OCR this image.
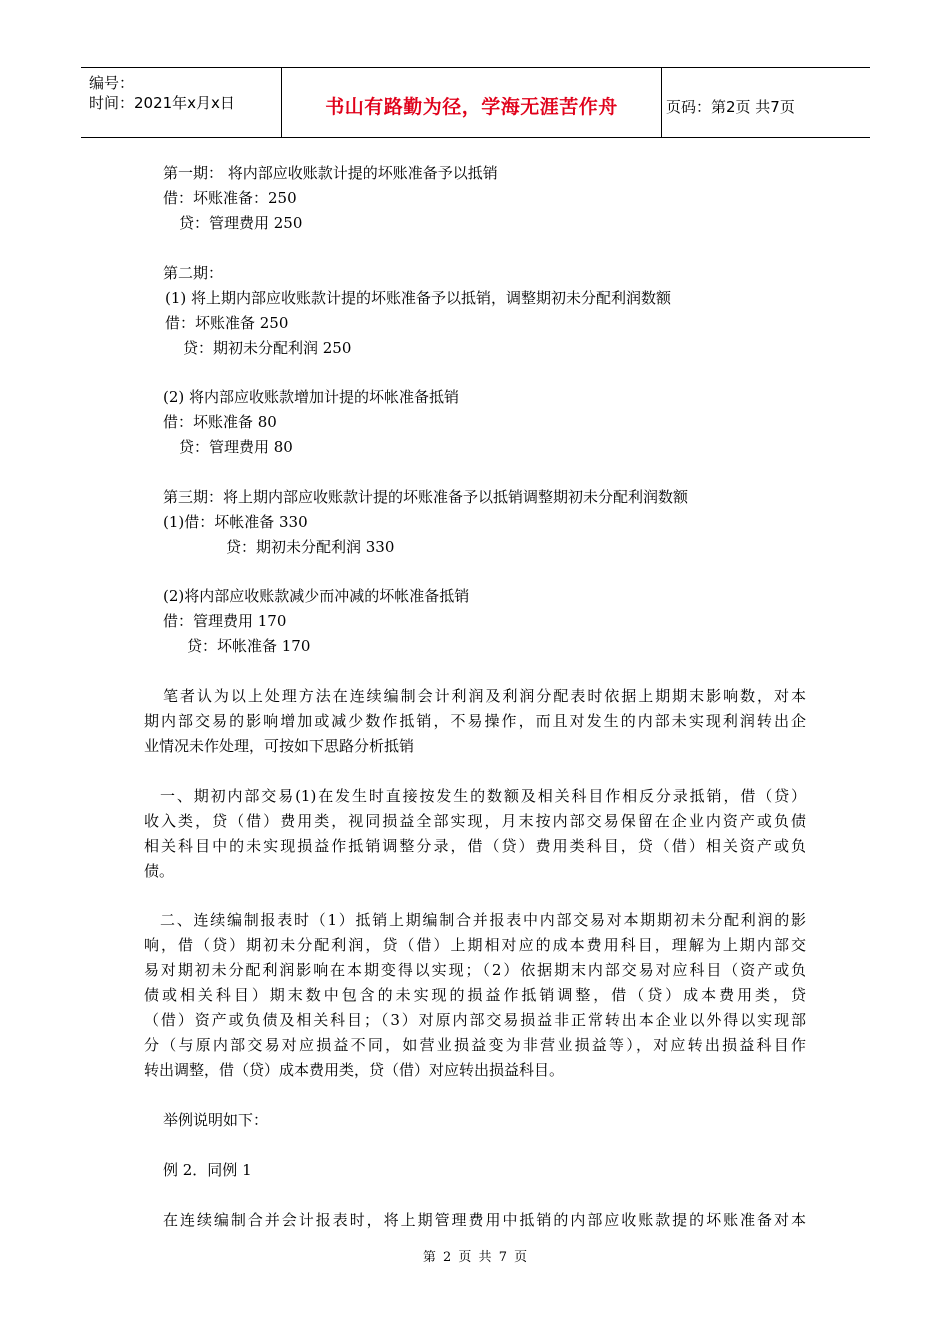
编号：
时间：2021年x月x日	书山有路勤为径，学海无涯苦作舟	页码：第2页 共7页
第一期： 将内部应收账款计提的坏账准备予以抵销
借：坏账准备：250
贷：管理费用 250
第二期：
(1) 将上期内部应收账款计提的坏账准备予以抵销，调整期初未分配利润数额
借：坏账准备 250
贷：期初未分配利润 250
(2) 将内部应收账款增加计提的坏帐准备抵销
借：坏账准备 80
贷：管理费用 80
第三期：将上期内部应收账款计提的坏账准备予以抵销调整期初未分配利润数额
(1)借：坏帐准备 330
贷：期初未分配利润 330
(2)将内部应收账款减少而冲减的坏帐准备抵销
借：管理费用 170
贷：坏帐准备 170
笔者认为以上处理方法在连续编制会计利润及利润分配表时依据上期期末影响数，对本
期内部交易的影响增加或减少数作抵销，不易操作，而且对发生的内部未实现利润转出企
业情况未作处理，可按如下思路分析抵销
一、期初内部交易(1)在发生时直接按发生的数额及相关科目作相反分录抵销，借（贷）
收入类，贷（借）费用类，视同损益全部实现，月末按内部交易保留在企业内资产或负债
相关科目中的未实现损益作抵销调整分录，借（贷）费用类科目，贷（借）相关资产或负
债。
二、连续编制报表时（1）抵销上期编制合并报表中内部交易对本期期初未分配利润的影
响，借（贷）期初未分配利润，贷（借）上期相对应的成本费用科目，理解为上期内部交
易对期初未分配利润影响在本期变得以实现；（2）依据期末内部交易对应科目（资产或负
债或相关科目）期末数中包含的未实现的损益作抵销调整，借（贷）成本费用类，贷
（借）资产或负债及相关科目；（3）对原内部交易损益非正常转出本企业以外得以实现部
分（与原内部交易对应损益不同，如营业损益变为非营业损益等），对应转出损益科目作
转出调整，借（贷）成本费用类，贷（借）对应转出损益科目。
举例说明如下：
例 2．同例 1
在连续编制合并会计报表时，将上期管理费用中抵销的内部应收账款提的坏账准备对本
第 2 页 共 7 页
